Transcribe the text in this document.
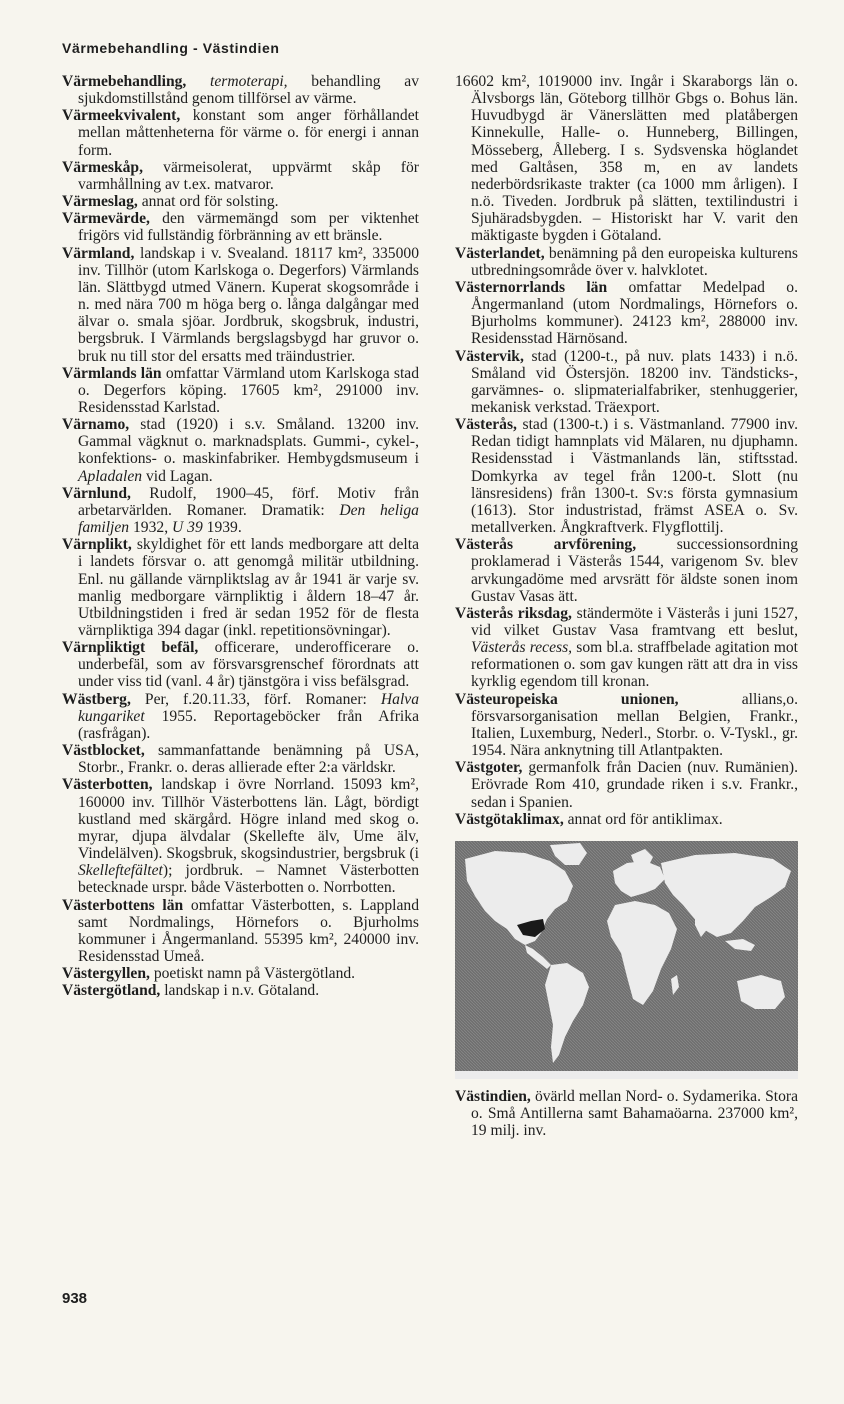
Värmebehandling - Västindien

Värmebehandling, termoterapi, behandling av sjukdomstillstånd genom tillförsel av värme.

Värmeekvivalent, konstant som anger förhållandet mellan måttenheterna för värme o. för energi i annan form.

Värmeskåp, värmeisolerat, uppvärmt skåp för varmhållning av t.ex. matvaror.

Värmeslag, annat ord för solsting.

Värmevärde, den värmemängd som per viktenhet frigörs vid fullständig förbränning av ett bränsle.

Värmland, landskap i v. Svealand. 18117 km², 335000 inv. Tillhör (utom Karlskoga o. Degerfors) Värmlands län. Slättbygd utmed Vänern. Kuperat skogsområde i n. med nära 700 m höga berg o. långa dalgångar med älvar o. smala sjöar. Jordbruk, skogsbruk, industri, bergsbruk. I Värmlands bergslagsbygd har gruvor o. bruk nu till stor del ersatts med träindustrier.

Värmlands län omfattar Värmland utom Karlskoga stad o. Degerfors köping. 17605 km², 291000 inv. Residensstad Karlstad.

Värnamo, stad (1920) i s.v. Småland. 13200 inv. Gammal vägknut o. marknadsplats. Gummi-, cykel-, konfektions- o. maskinfabriker. Hembygdsmuseum i Apladalen vid Lagan.

Värnlund, Rudolf, 1900–45, förf. Motiv från arbetarvärlden. Romaner. Dramatik: Den heliga familjen 1932, U 39 1939.

Värnplikt, skyldighet för ett lands medborgare att delta i landets försvar o. att genomgå militär utbildning. Enl. nu gällande värnpliktslag av år 1941 är varje sv. manlig medborgare värnpliktig i åldern 18–47 år. Utbildningstiden i fred är sedan 1952 för de flesta värnpliktiga 394 dagar (inkl. repetitionsövningar).

Värnpliktigt befäl, officerare, underofficerare o. underbefäl, som av försvarsgrenschef förordnats att under viss tid (vanl. 4 år) tjänstgöra i viss befälsgrad.

Wästberg, Per, f.20.11.33, förf. Romaner: Halva kungariket 1955. Reportageböcker från Afrika (rasfrågan).

Västblocket, sammanfattande benämning på USA, Storbr., Frankr. o. deras allierade efter 2:a världskr.

Västerbotten, landskap i övre Norrland. 15093 km², 160000 inv. Tillhör Västerbottens län. Lågt, bördigt kustland med skärgård. Högre inland med skog o. myrar, djupa älvdalar (Skellefte älv, Ume älv, Vindelälven). Skogsbruk, skogsindustrier, bergsbruk (i Skelleftefältet); jordbruk. – Namnet Västerbotten betecknade urspr. både Västerbotten o. Norrbotten.

Västerbottens län omfattar Västerbotten, s. Lappland samt Nordmalings, Hörnefors o. Bjurholms kommuner i Ångermanland. 55395 km², 240000 inv. Residensstad Umeå.

Västergyllen, poetiskt namn på Västergötland.

Västergötland, landskap i n.v. Götaland.

16602 km², 1019000 inv. Ingår i Skaraborgs län o. Älvsborgs län, Göteborg tillhör Gbgs o. Bohus län. Huvudbygd är Vänerslätten med platåbergen Kinnekulle, Halle- o. Hunneberg, Billingen, Mösseberg, Ålleberg. I s. Sydsvenska höglandet med Galtåsen, 358 m, en av landets nederbördsrikaste trakter (ca 1000 mm årligen). I n.ö. Tiveden. Jordbruk på slätten, textilindustri i Sjuhäradsbygden. – Historiskt har V. varit den mäktigaste bygden i Götaland.

Västerlandet, benämning på den europeiska kulturens utbredningsområde över v. halvklotet.

Västernorrlands län omfattar Medelpad o. Ångermanland (utom Nordmalings, Hörnefors o. Bjurholms kommuner). 24123 km², 288000 inv. Residensstad Härnösand.

Västervik, stad (1200-t., på nuv. plats 1433) i n.ö. Småland vid Östersjön. 18200 inv. Tändsticks-, garvämnes- o. slipmaterialfabriker, stenhuggerier, mekanisk verkstad. Träexport.

Västerås, stad (1300-t.) i s. Västmanland. 77900 inv. Redan tidigt hamnplats vid Mälaren, nu djuphamn. Residensstad i Västmanlands län, stiftsstad. Domkyrka av tegel från 1200-t. Slott (nu länsresidens) från 1300-t. Sv:s första gymnasium (1613). Stor industristad, främst ASEA o. Sv. metallverken. Ångkraftverk. Flygflottilj.

Västerås arvförening, successionsordning proklamerad i Västerås 1544, varigenom Sv. blev arvkungadöme med arvsrätt för äldste sonen inom Gustav Vasas ätt.

Västerås riksdag, ständermöte i Västerås i juni 1527, vid vilket Gustav Vasa framtvang ett beslut, Västerås recess, som bl.a. straffbelade agitation mot reformationen o. som gav kungen rätt att dra in viss kyrklig egendom till kronan.

Västeuropeiska unionen, allians,o. försvarsorganisation mellan Belgien, Frankr., Italien, Luxemburg, Nederl., Storbr. o. V-Tyskl., gr. 1954. Nära anknytning till Atlantpakten.

Västgoter, germanfolk från Dacien (nuv. Rumänien). Erövrade Rom 410, grundade riken i s.v. Frankr., sedan i Spanien.

Västgötaklimax, annat ord för antiklimax.

Västindien, övärld mellan Nord- o. Sydamerika. Stora o. Små Antillerna samt Bahamaöarna. 237000 km², 19 milj. inv.

938
